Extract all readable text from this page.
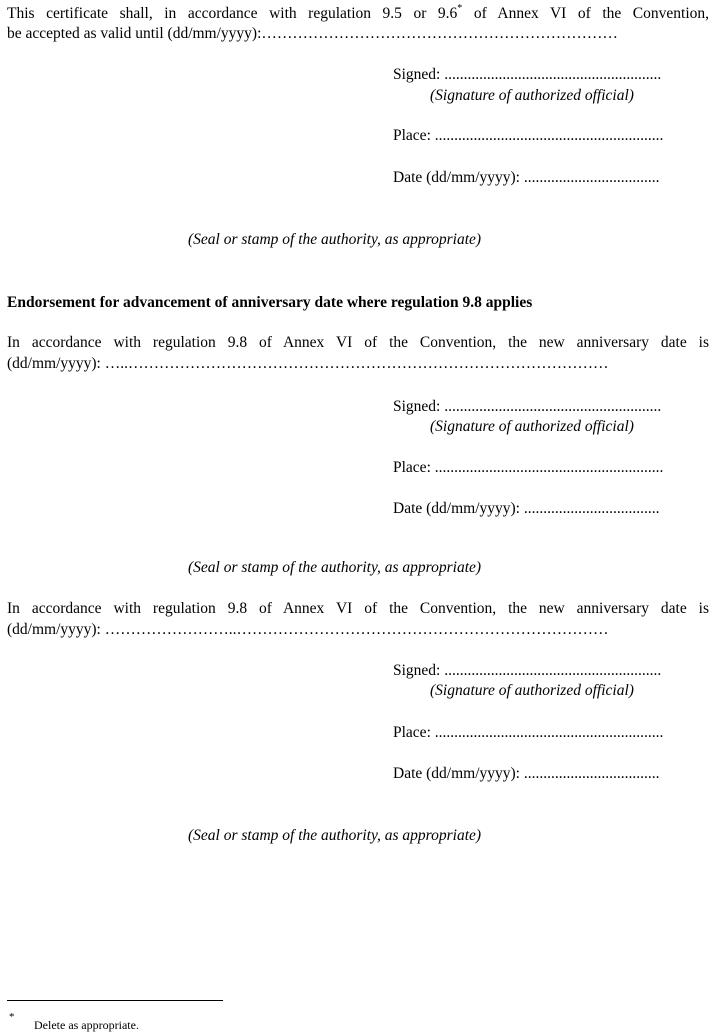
This certificate shall, in accordance with regulation 9.5 or 9.6* of Annex VI of the Convention,
be accepted as valid until (dd/mm/yyyy):……………………………………………………………
Signed: ........................................................
(Signature of authorized official)
Place: ...........................................................
Date (dd/mm/yyyy): ...................................
(Seal or stamp of the authority, as appropriate)
Endorsement for advancement of anniversary date where regulation 9.8 applies
In accordance with regulation 9.8 of Annex VI of the Convention, the new anniversary date is
(dd/mm/yyyy): …..…………………………………………………………………………………
Signed: ........................................................
(Signature of authorized official)
Place: ...........................................................
Date (dd/mm/yyyy): ...................................
(Seal or stamp of the authority, as appropriate)
In accordance with regulation 9.8 of Annex VI of the Convention, the new anniversary date is
(dd/mm/yyyy): ……………………..………………………………………………………………
Signed: ........................................................
(Signature of authorized official)
Place: ...........................................................
Date (dd/mm/yyyy): ...................................
(Seal or stamp of the authority, as appropriate)
*
Delete as appropriate.
